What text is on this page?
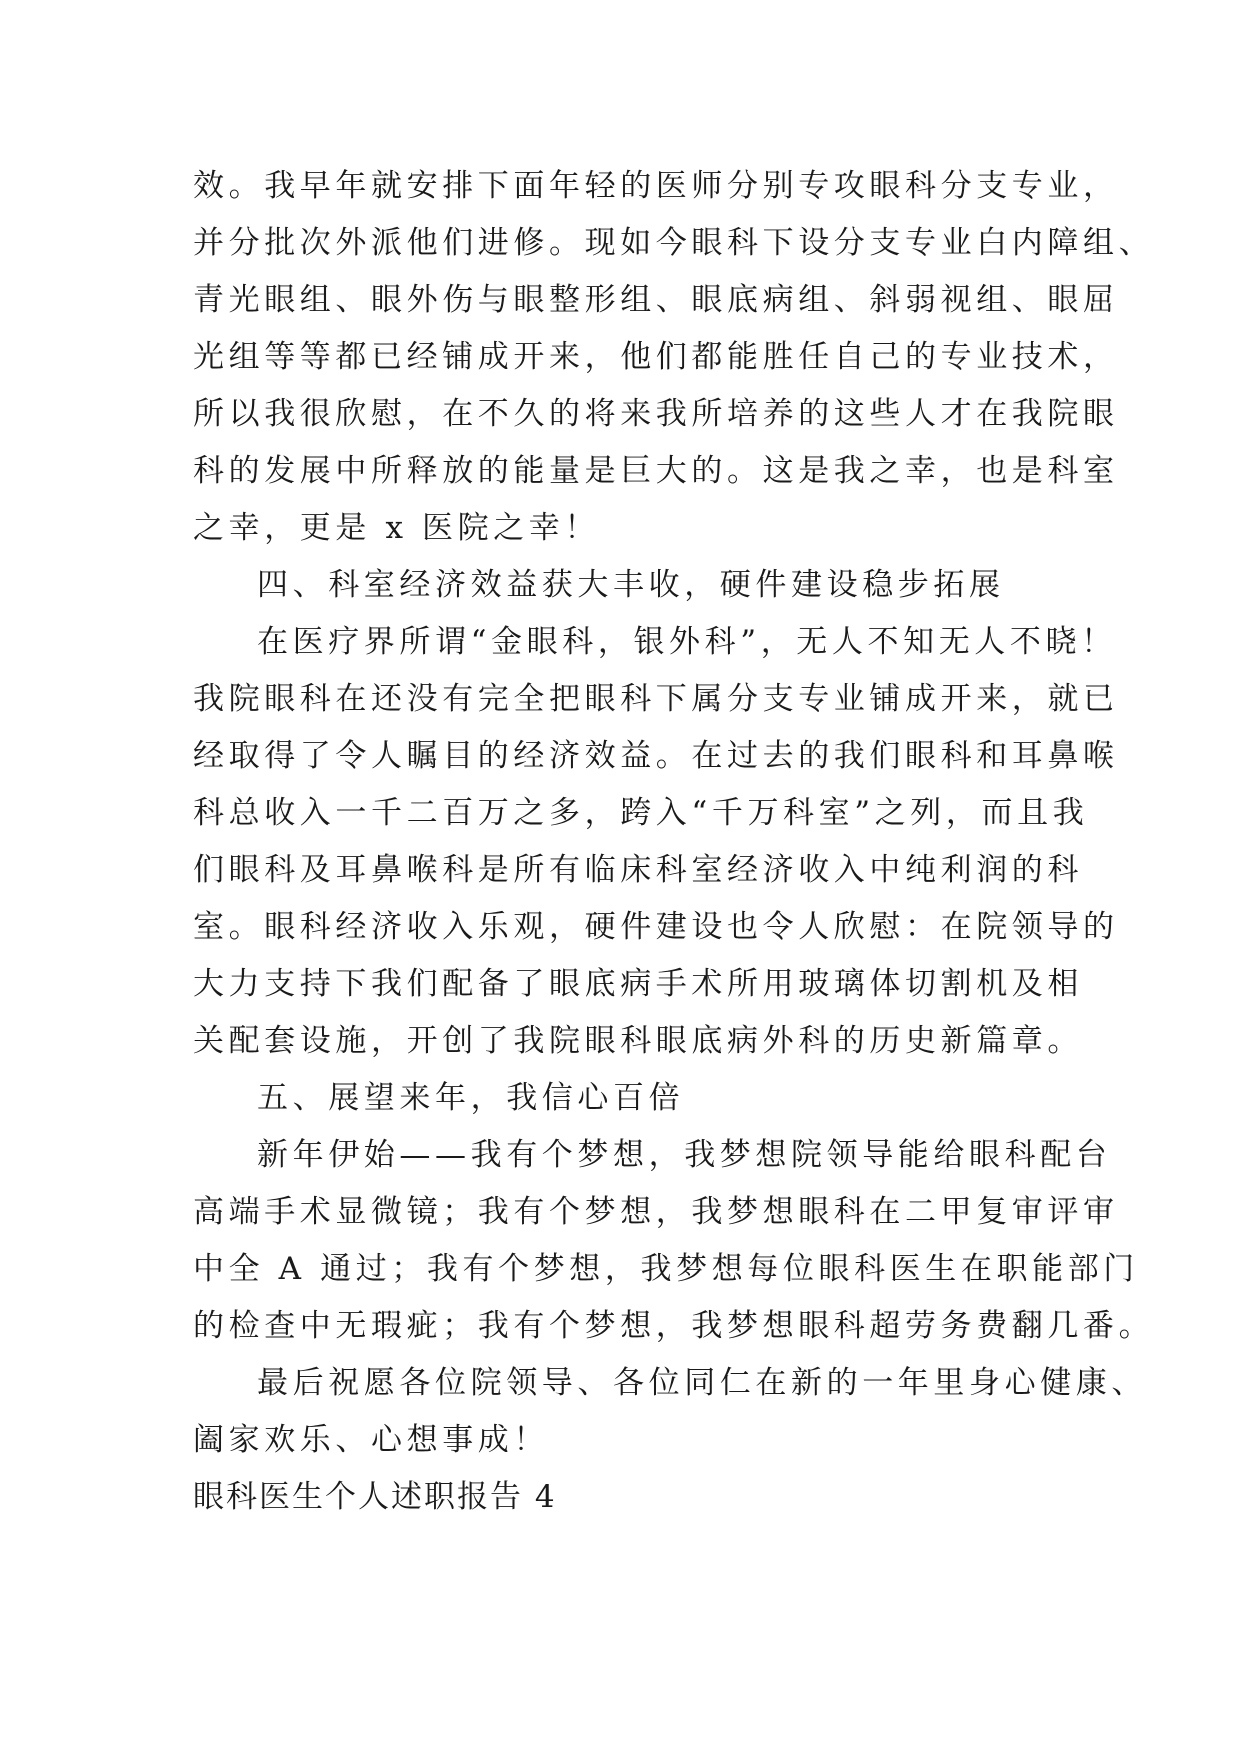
效。我早年就安排下面年轻的医师分别专攻眼科分支专业，
并分批次外派他们进修。现如今眼科下设分支专业白内障组、
青光眼组、眼外伤与眼整形组、眼底病组、斜弱视组、眼屈
光组等等都已经铺成开来，他们都能胜任自己的专业技术，
所以我很欣慰，在不久的将来我所培养的这些人才在我院眼
科的发展中所释放的能量是巨大的。这是我之幸，也是科室
之幸，更是 x 医院之幸！
四、科室经济效益获大丰收，硬件建设稳步拓展
在医疗界所谓“金眼科，银外科”，无人不知无人不晓！
我院眼科在还没有完全把眼科下属分支专业铺成开来，就已
经取得了令人瞩目的经济效益。在过去的我们眼科和耳鼻喉
科总收入一千二百万之多，跨入“千万科室”之列，而且我
们眼科及耳鼻喉科是所有临床科室经济收入中纯利润的科
室。眼科经济收入乐观，硬件建设也令人欣慰：在院领导的
大力支持下我们配备了眼底病手术所用玻璃体切割机及相
关配套设施，开创了我院眼科眼底病外科的历史新篇章。
五、展望来年，我信心百倍
新年伊始——我有个梦想，我梦想院领导能给眼科配台
高端手术显微镜；我有个梦想，我梦想眼科在二甲复审评审
中全 A 通过；我有个梦想，我梦想每位眼科医生在职能部门
的检查中无瑕疵；我有个梦想，我梦想眼科超劳务费翻几番。
最后祝愿各位院领导、各位同仁在新的一年里身心健康、
阖家欢乐、心想事成！
眼科医生个人述职报告 4
